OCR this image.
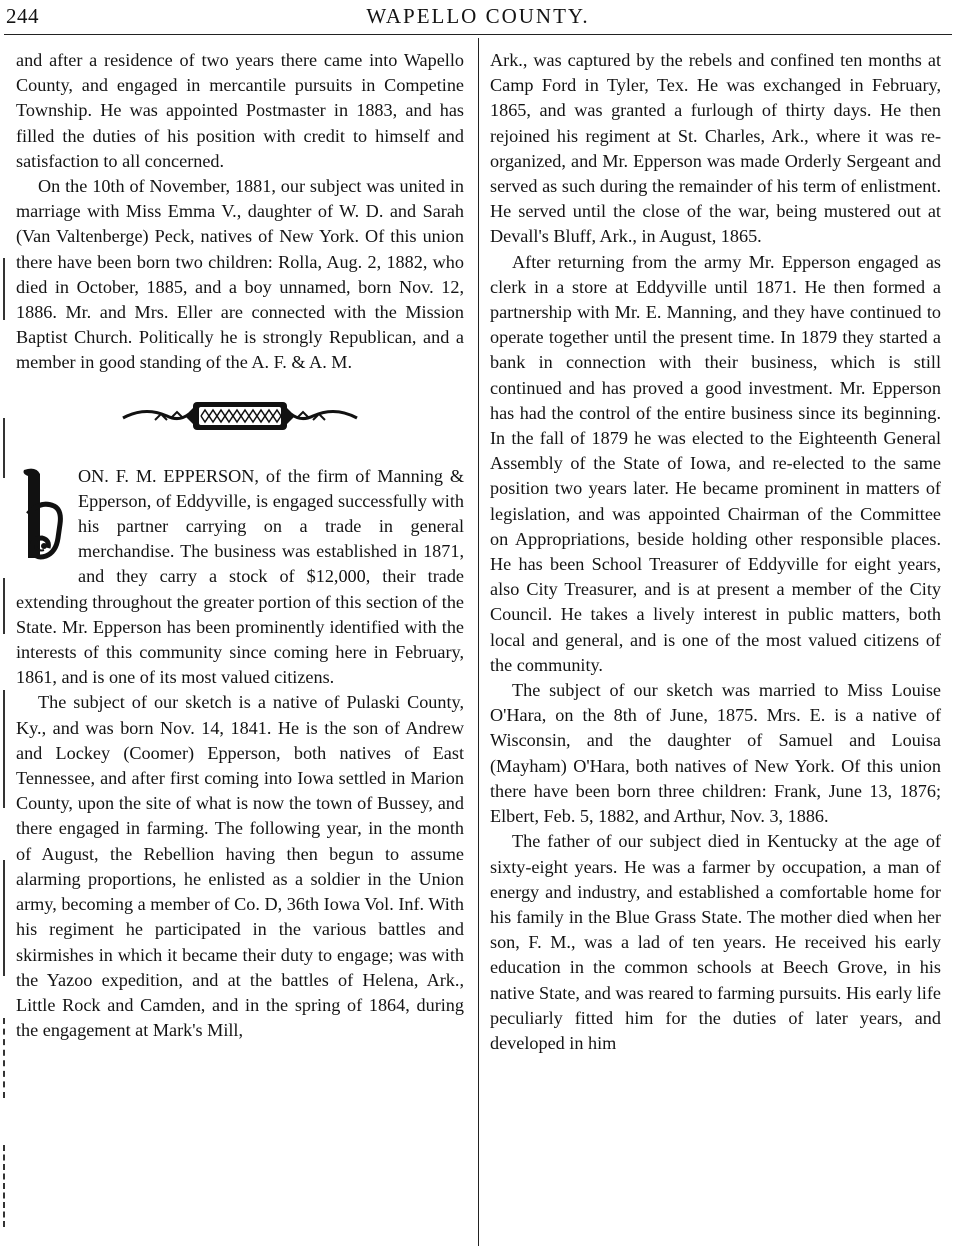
244	WAPELLO COUNTY.

and after a residence of two years there came into Wapello County, and engaged in mercantile pursuits in Competine Township. He was appointed Postmaster in 1883, and has filled the duties of his position with credit to himself and satisfaction to all concerned.

On the 10th of November, 1881, our subject was united in marriage with Miss Emma V., daughter of W. D. and Sarah (Van Valtenberge) Peck, natives of New York. Of this union there have been born two children: Rolla, Aug. 2, 1882, who died in October, 1885, and a boy unnamed, born Nov. 12, 1886. Mr. and Mrs. Eller are connected with the Mission Baptist Church. Politically he is strongly Republican, and a member in good standing of the A. F. & A. M.

ON. F. M. EPPERSON, of the firm of Manning & Epperson, of Eddyville, is engaged successfully with his partner carrying on a trade in general merchandise. The business was established in 1871, and they carry a stock of $12,000, their trade extending throughout the greater portion of this section of the State. Mr. Epperson has been prominently identified with the interests of this community since coming here in February, 1861, and is one of its most valued citizens.

The subject of our sketch is a native of Pulaski County, Ky., and was born Nov. 14, 1841. He is the son of Andrew and Lockey (Coomer) Epperson, both natives of East Tennessee, and after first coming into Iowa settled in Marion County, upon the site of what is now the town of Bussey, and there engaged in farming. The following year, in the month of August, the Rebellion having then begun to assume alarming proportions, he enlisted as a soldier in the Union army, becoming a member of Co. D, 36th Iowa Vol. Inf. With his regiment he participated in the various battles and skirmishes in which it became their duty to engage; was with the Yazoo expedition, and at the battles of Helena, Ark., Little Rock and Camden, and in the spring of 1864, during the engagement at Mark's Mill,

Ark., was captured by the rebels and confined ten months at Camp Ford in Tyler, Tex. He was exchanged in February, 1865, and was granted a furlough of thirty days. He then rejoined his regiment at St. Charles, Ark., where it was re-organized, and Mr. Epperson was made Orderly Sergeant and served as such during the remainder of his term of enlistment. He served until the close of the war, being mustered out at Devall's Bluff, Ark., in August, 1865.

After returning from the army Mr. Epperson engaged as clerk in a store at Eddyville until 1871. He then formed a partnership with Mr. E. Manning, and they have continued to operate together until the present time. In 1879 they started a bank in connection with their business, which is still continued and has proved a good investment. Mr. Epperson has had the control of the entire business since its beginning. In the fall of 1879 he was elected to the Eighteenth General Assembly of the State of Iowa, and re-elected to the same position two years later. He became prominent in matters of legislation, and was appointed Chairman of the Committee on Appropriations, beside holding other responsible places. He has been School Treasurer of Eddyville for eight years, also City Treasurer, and is at present a member of the City Council. He takes a lively interest in public matters, both local and general, and is one of the most valued citizens of the community.

The subject of our sketch was married to Miss Louise O'Hara, on the 8th of June, 1875. Mrs. E. is a native of Wisconsin, and the daughter of Samuel and Louisa (Mayham) O'Hara, both natives of New York. Of this union there have been born three children: Frank, June 13, 1876; Elbert, Feb. 5, 1882, and Arthur, Nov. 3, 1886.

The father of our subject died in Kentucky at the age of sixty-eight years. He was a farmer by occupation, a man of energy and industry, and established a comfortable home for his family in the Blue Grass State. The mother died when her son, F. M., was a lad of ten years. He received his early education in the common schools at Beech Grove, in his native State, and was reared to farming pursuits. His early life peculiarly fitted him for the duties of later years, and developed in him
